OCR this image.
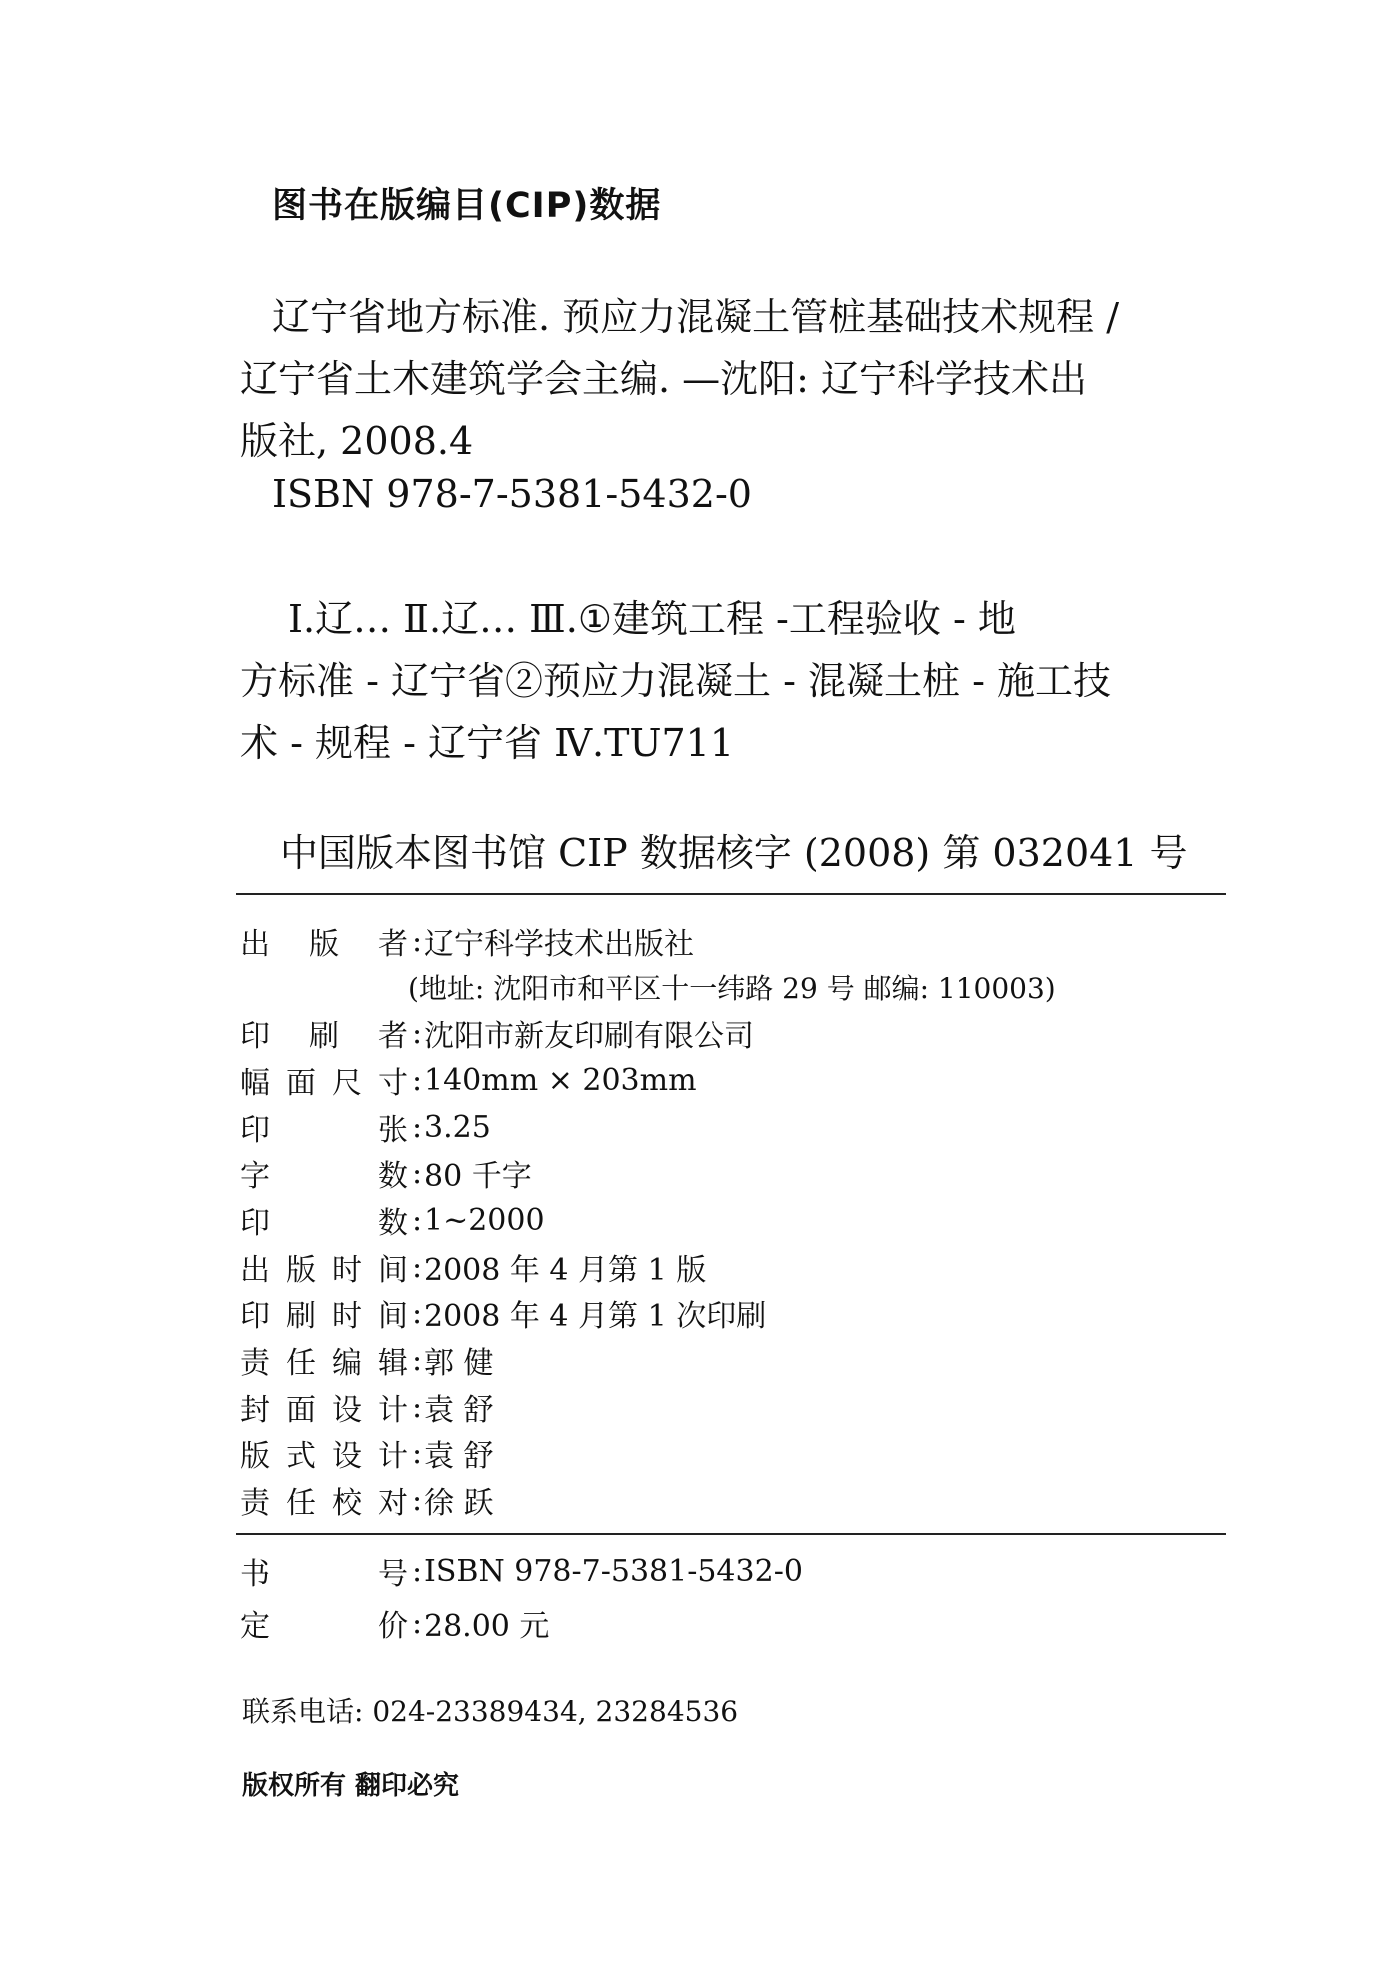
图书在版编目(CIP)数据
辽宁省地方标准. 预应力混凝土管桩基础技术规程 /
辽宁省土木建筑学会主编. —沈阳: 辽宁科学技术出
版社, 2008.4
ISBN 978-7-5381-5432-0
Ⅰ.辽… Ⅱ.辽… Ⅲ.①建筑工程 -工程验收 - 地
方标准 - 辽宁省②预应力混凝土 - 混凝土桩 - 施工技
术 - 规程 - 辽宁省 Ⅳ.TU711
中国版本图书馆 CIP 数据核字 (2008) 第 032041 号
出 版 者 : 辽宁科学技术出版社
(地址: 沈阳市和平区十一纬路 29 号 邮编: 110003)
印 刷 者 : 沈阳市新友印刷有限公司
幅面尺寸 : 140mm × 203mm
印 张 : 3.25
字 数 : 80 千字
印 数 : 1~2000
出版时间 : 2008 年 4 月第 1 版
印刷时间 : 2008 年 4 月第 1 次印刷
责任编辑 : 郭 健
封面设计 : 袁 舒
版式设计 : 袁 舒
责任校对 : 徐 跃
书 号 : ISBN 978-7-5381-5432-0
定 价 : 28.00 元
联系电话: 024-23389434, 23284536
版权所有 翻印必究
